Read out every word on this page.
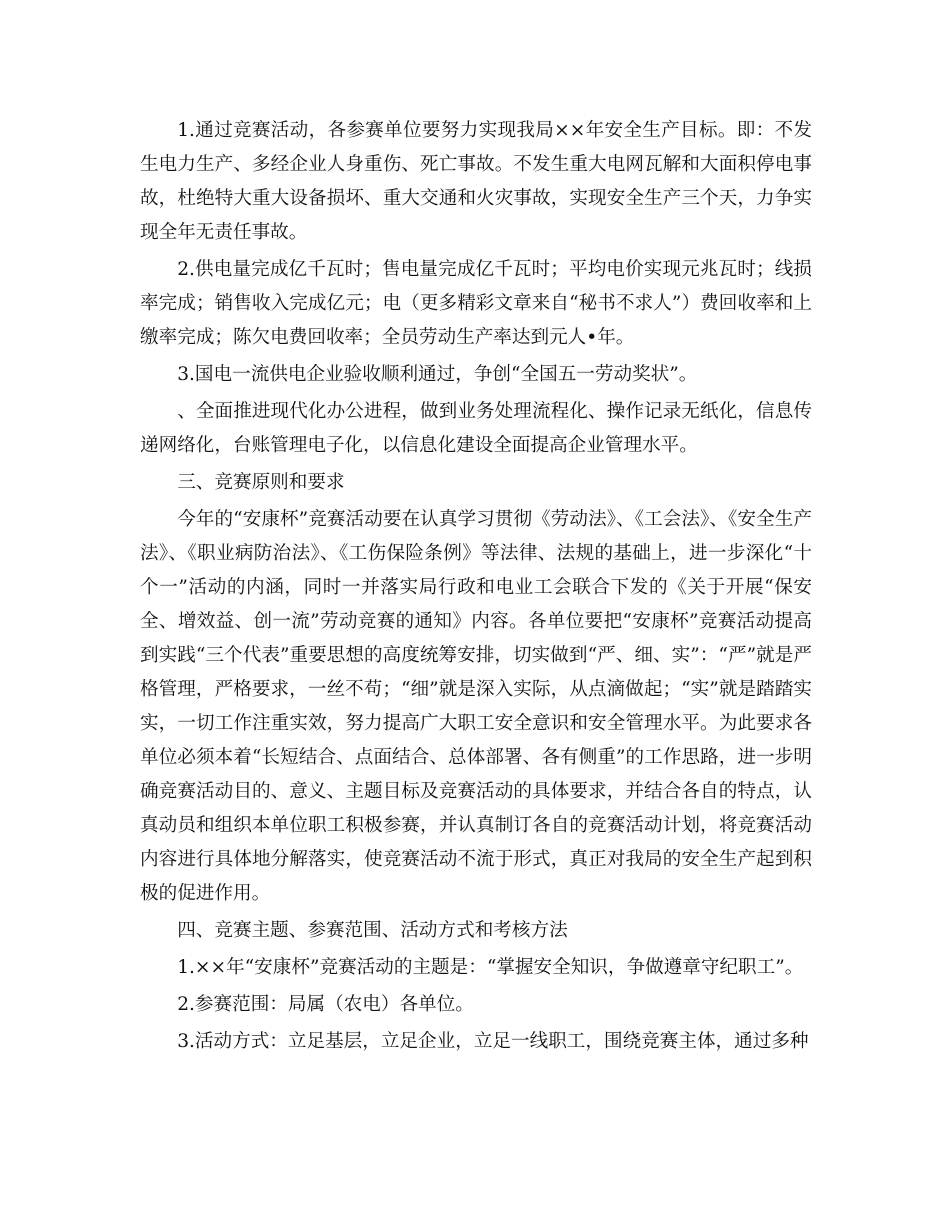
1.通过竞赛活动，各参赛单位要努力实现我局××年安全生产目标。即：不发生电力生产、多经企业人身重伤、死亡事故。不发生重大电网瓦解和大面积停电事故，杜绝特大重大设备损坏、重大交通和火灾事故，实现安全生产三个天，力争实现全年无责任事故。

2.供电量完成亿千瓦时；售电量完成亿千瓦时；平均电价实现元兆瓦时；线损率完成；销售收入完成亿元；电（更多精彩文章来自“秘书不求人”）费回收率和上缴率完成；陈欠电费回收率；全员劳动生产率达到元人•年。

3.国电一流供电企业验收顺利通过，争创“全国五一劳动奖状”。

、全面推进现代化办公进程，做到业务处理流程化、操作记录无纸化，信息传递网络化，台账管理电子化，以信息化建设全面提高企业管理水平。

三、竞赛原则和要求

今年的“安康杯”竞赛活动要在认真学习贯彻《劳动法》、《工会法》、《安全生产法》、《职业病防治法》、《工伤保险条例》等法律、法规的基础上，进一步深化“十个一”活动的内涵，同时一并落实局行政和电业工会联合下发的《关于开展“保安全、增效益、创一流”劳动竞赛的通知》内容。各单位要把“安康杯”竞赛活动提高到实践“三个代表”重要思想的高度统筹安排，切实做到“严、细、实”：“严”就是严格管理，严格要求，一丝不苟；“细”就是深入实际，从点滴做起；“实”就是踏踏实实，一切工作注重实效，努力提高广大职工安全意识和安全管理水平。为此要求各单位必须本着“长短结合、点面结合、总体部署、各有侧重”的工作思路，进一步明确竞赛活动目的、意义、主题目标及竞赛活动的具体要求，并结合各自的特点，认真动员和组织本单位职工积极参赛，并认真制订各自的竞赛活动计划，将竞赛活动内容进行具体地分解落实，使竞赛活动不流于形式，真正对我局的安全生产起到积极的促进作用。

四、竞赛主题、参赛范围、活动方式和考核方法

1.××年“安康杯”竞赛活动的主题是：“掌握安全知识，争做遵章守纪职工”。

2.参赛范围：局属（农电）各单位。

3.活动方式：立足基层，立足企业，立足一线职工，围绕竞赛主体，通过多种
